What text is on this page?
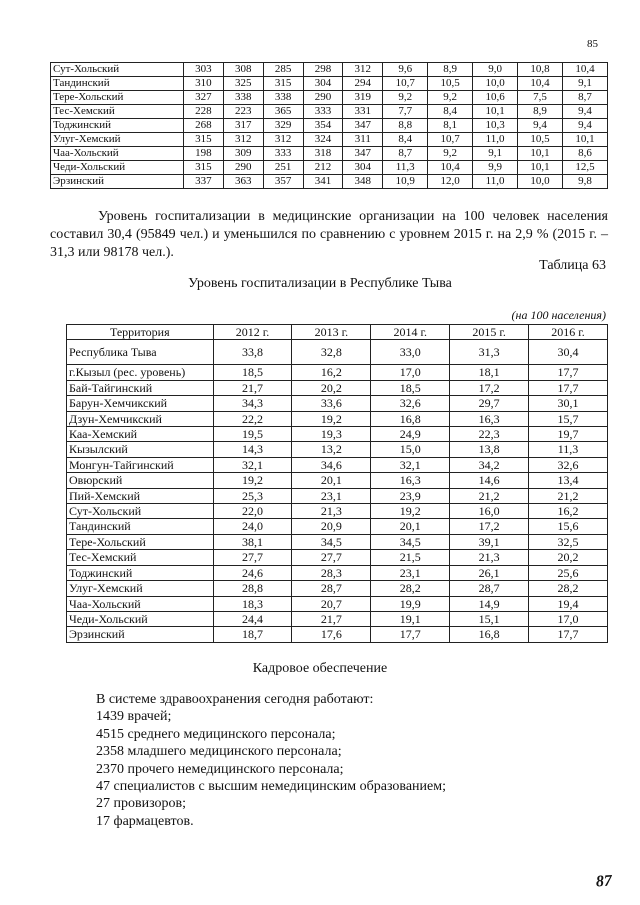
85
Сут-Хольский	303	308	285	298	312	9,6	8,9	9,0	10,8	10,4
Тандинский	310	325	315	304	294	10,7	10,5	10,0	10,4	9,1
Тере-Хольский	327	338	338	290	319	9,2	9,2	10,6	7,5	8,7
Тес-Хемский	228	223	365	333	331	7,7	8,4	10,1	8,9	9,4
Тоджинский	268	317	329	354	347	8,8	8,1	10,3	9,4	9,4
Улуг-Хемский	315	312	312	324	311	8,4	10,7	11,0	10,5	10,1
Чаа-Хольский	198	309	333	318	347	8,7	9,2	9,1	10,1	8,6
Чеди-Хольский	315	290	251	212	304	11,3	10,4	9,9	10,1	12,5
Эрзинский	337	363	357	341	348	10,9	12,0	11,0	10,0	9,8

Уровень госпитализации в медицинские организации на 100 человек населения составил 30,4 (95849 чел.) и уменьшился по сравнению с уровнем 2015 г. на 2,9 % (2015 г. – 31,3 или 98178 чел.).

Таблица 63
Уровень госпитализации в Республике Тыва
(на 100 населения)
Территория	2012 г.	2013 г.	2014 г.	2015 г.	2016 г.
Республика Тыва	33,8	32,8	33,0	31,3	30,4
г.Кызыл (рес. уровень)	18,5	16,2	17,0	18,1	17,7
Бай-Тайгинский	21,7	20,2	18,5	17,2	17,7
Барун-Хемчикский	34,3	33,6	32,6	29,7	30,1
Дзун-Хемчикский	22,2	19,2	16,8	16,3	15,7
Каа-Хемский	19,5	19,3	24,9	22,3	19,7
Кызылский	14,3	13,2	15,0	13,8	11,3
Монгун-Тайгинский	32,1	34,6	32,1	34,2	32,6
Овюрский	19,2	20,1	16,3	14,6	13,4
Пий-Хемский	25,3	23,1	23,9	21,2	21,2
Сут-Хольский	22,0	21,3	19,2	16,0	16,2
Тандинский	24,0	20,9	20,1	17,2	15,6
Тере-Хольский	38,1	34,5	34,5	39,1	32,5
Тес-Хемский	27,7	27,7	21,5	21,3	20,2
Тоджинский	24,6	28,3	23,1	26,1	25,6
Улуг-Хемский	28,8	28,7	28,2	28,7	28,2
Чаа-Хольский	18,3	20,7	19,9	14,9	19,4
Чеди-Хольский	24,4	21,7	19,1	15,1	17,0
Эрзинский	18,7	17,6	17,7	16,8	17,7
Кадровое обеспечение
В системе здравоохранения сегодня работают:
1439 врачей;
4515 среднего медицинского персонала;
2358 младшего медицинского персонала;
2370 прочего немедицинского персонала;
47 специалистов с высшим немедицинским образованием;
27 провизоров;
17 фармацевтов.
87
